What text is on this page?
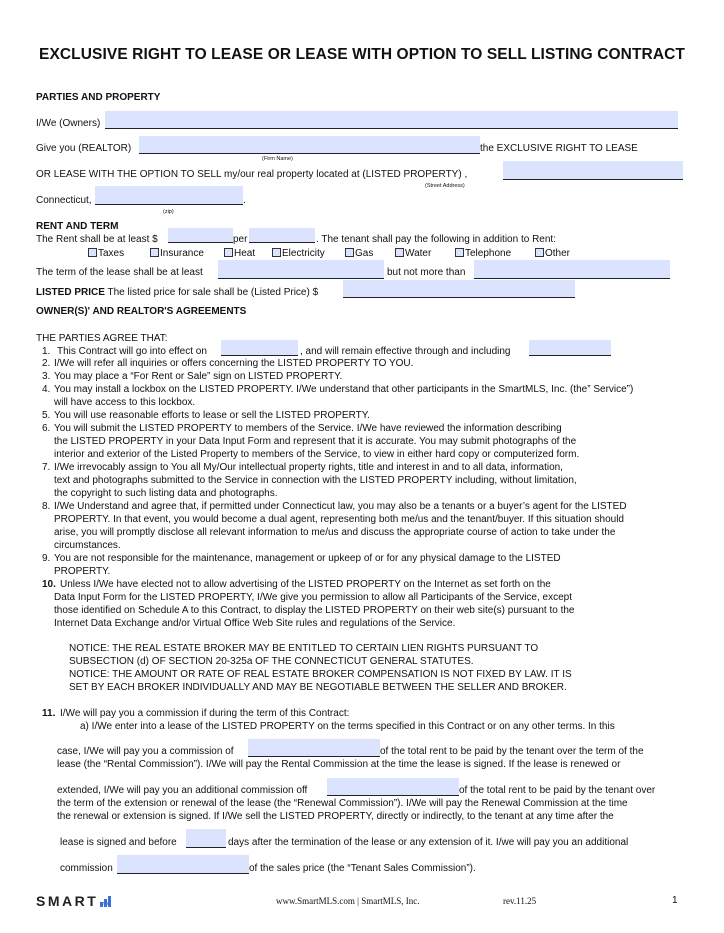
EXCLUSIVE RIGHT TO LEASE OR LEASE WITH OPTION TO SELL LISTING CONTRACT
PARTIES AND PROPERTY
I/We (Owners)
Give you (REALTOR)	the EXCLUSIVE RIGHT TO LEASE
(Firm Name)
OR LEASE WITH THE OPTION TO SELL my/our real property located at (LISTED PROPERTY) ,
(Street Address)
Connecticut,	.
(zip)
RENT AND TERM
The Rent shall be at least $	per	. The tenant shall pay the following in addition to Rent:
Taxes	Insurance	Heat	Electricity	Gas	Water	Telephone	Other
The term of the lease shall be at least	but not more than
LISTED PRICE The listed price for sale shall be (Listed Price) $
OWNER(S)' AND REALTOR'S AGREEMENTS
THE PARTIES AGREE THAT:
1. This Contract will go into effect on	, and will remain effective through and including
2. I/We will refer all inquiries or offers concerning the LISTED PROPERTY TO YOU.
3. You may place a “For Rent or Sale” sign on LISTED PROPERTY.
4. You may install a lockbox on the LISTED PROPERTY. I/We understand that other participants in the SmartMLS, Inc. (the” Service”)
will have access to this lockbox.
5. You will use reasonable efforts to lease or sell the LISTED PROPERTY.
6. You will submit the LISTED PROPERTY to members of the Service. I/We have reviewed the information describing
the LISTED PROPERTY in your Data Input Form and represent that it is accurate. You may submit photographs of the
interior and exterior of the Listed Property to members of the Service, to view in either hard copy or computerized form.
7. I/We irrevocably assign to You all My/Our intellectual property rights, title and interest in and to all data, information,
text and photographs submitted to the Service in connection with the LISTED PROPERTY including, without limitation,
the copyright to such listing data and photographs.
8. I/We Understand and agree that, if permitted under Connecticut law, you may also be a tenants or a buyer’s agent for the LISTED
PROPERTY. In that event, you would become a dual agent, representing both me/us and the tenant/buyer. If this situation should
arise, you will promptly disclose all relevant information to me/us and discuss the appropriate course of action to take under the
circumstances.
9. You are not responsible for the maintenance, management or upkeep of or for any physical damage to the LISTED
PROPERTY.
10. Unless I/We have elected not to allow advertising of the LISTED PROPERTY on the Internet as set forth on the
Data Input Form for the LISTED PROPERTY, I/We give you permission to allow all Participants of the Service, except
those identified on Schedule A to this Contract, to display the LISTED PROPERTY on their web site(s) pursuant to the
Internet Data Exchange and/or Virtual Office Web Site rules and regulations of the Service.
NOTICE: THE REAL ESTATE BROKER MAY BE ENTITLED TO CERTAIN LIEN RIGHTS PURSUANT TO
SUBSECTION (d) OF SECTION 20-325a OF THE CONNECTICUT GENERAL STATUTES.
NOTICE: THE AMOUNT OR RATE OF REAL ESTATE BROKER COMPENSATION IS NOT FIXED BY LAW. IT IS
SET BY EACH BROKER INDIVIDUALLY AND MAY BE NEGOTIABLE BETWEEN THE SELLER AND BROKER.
11. I/We will pay you a commission if during the term of this Contract:
a) I/We enter into a lease of the LISTED PROPERTY on the terms specified in this Contract or on any other terms. In this
case, I/We will pay you a commission of	of the total rent to be paid by the tenant over the term of the
lease (the “Rental Commission”). I/We will pay the Rental Commission at the time the lease is signed. If the lease is renewed or
extended, I/We will pay you an additional commission off	of the total rent to be paid by the tenant over
the term of the extension or renewal of the lease (the “Renewal Commission”). I/We will pay the Renewal Commission at the time
the renewal or extension is signed. If I/We sell the LISTED PROPERTY, directly or indirectly, to the tenant at any time after the
lease is signed and before	days after the termination of the lease or any extension of it. I/we will pay you an additional
commission	of the sales price (the “Tenant Sales Commission”).
SMART mls	www.SmartMLS.com | SmartMLS, Inc.	rev.11.25	1
